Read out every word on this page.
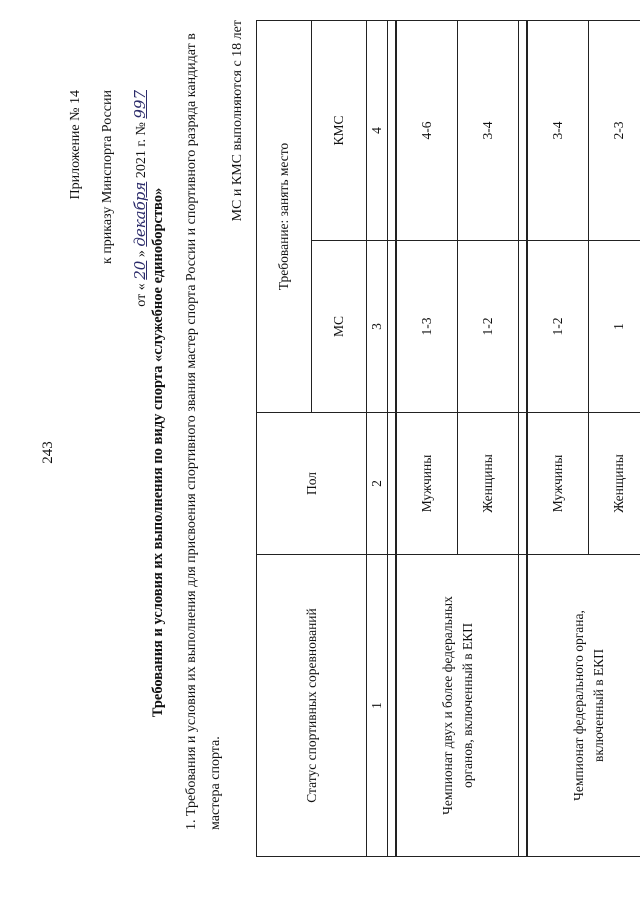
243
Приложение № 14	к приказу Минспорта России
от « 20 » декабря 2021 г. № 997
Требования и условия их выполнения по виду спорта «служебное единоборство» 1. Требования и условия их выполнения для присвоения спортивного звания мастер спорта России и спортивного разряда кандидат в мастера спорта.
МС и КМС выполняются с 18 лет
Статус спортивных соревнований	Пол	Требование: занять место	
		МС	КМС
1	2	3	4

Чемпионат двух и более федеральных органов, включенный в ЕКП	Мужчины	1-3	4-6
	Женщины	1-2	3-4

Чемпионат федерального органа, включенный в ЕКП	Мужчины	1-2	3-4
	Женщины	1	2-3
